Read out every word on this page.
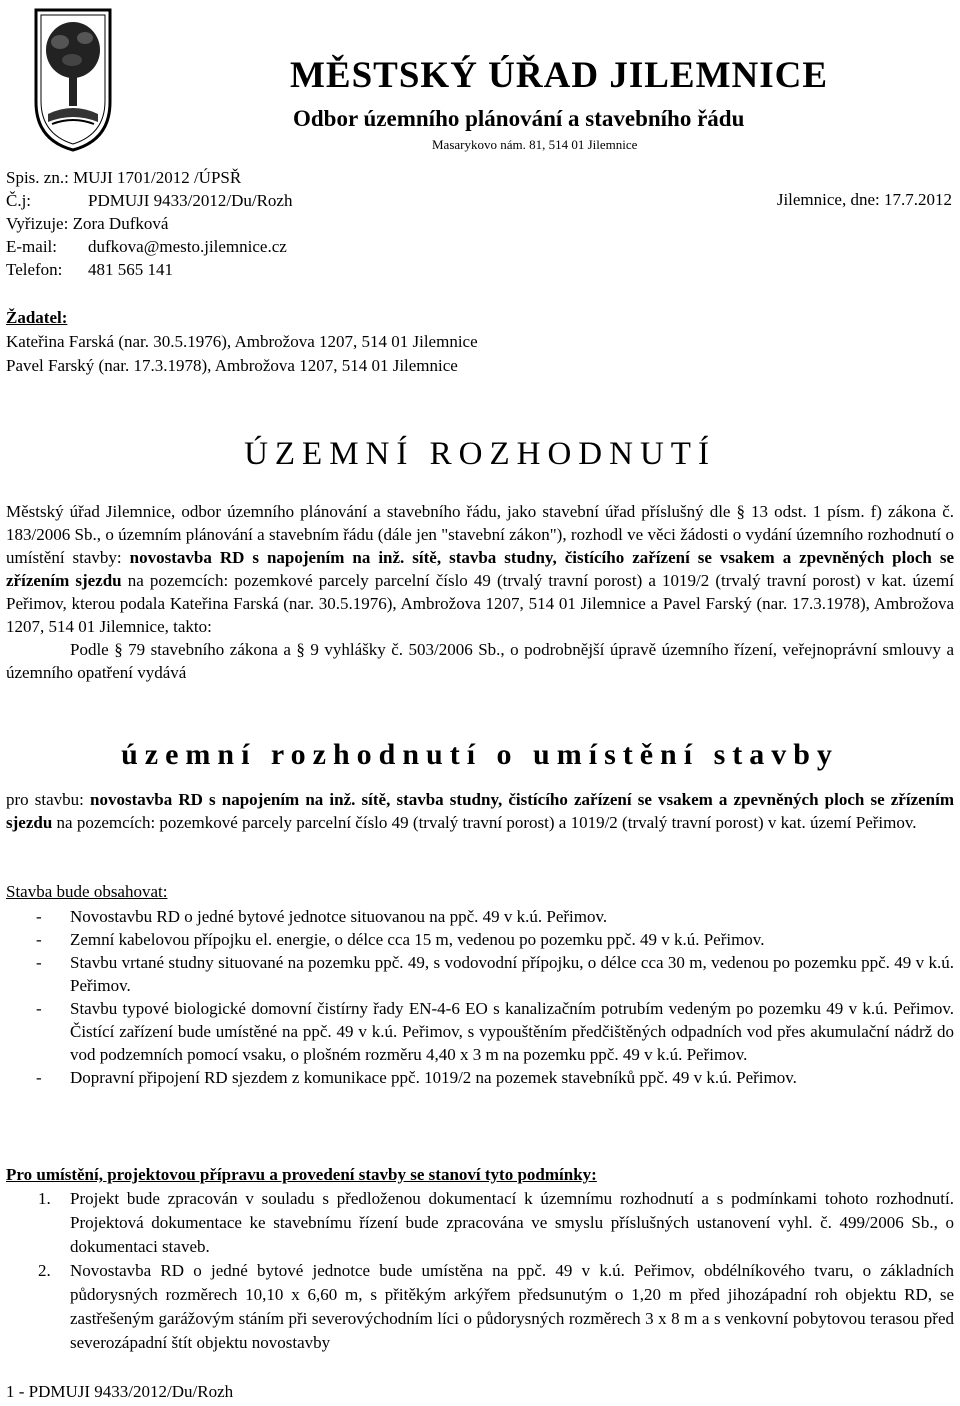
MĚSTSKÝ ÚŘAD JILEMNICE
Odbor územního plánování a stavebního řádu
Masarykovo nám. 81, 514 01 Jilemnice
Spis. zn.: MUJI 1701/2012 /ÚPSŘ
Č.j:	PDMUJI 9433/2012/Du/Rozh	Jilemnice, dne: 17.7.2012
Vyřizuje: Zora Dufková
E-mail: dufkova@mesto.jilemnice.cz
Telefon: 481 565 141
Žadatel:
Kateřina Farská (nar. 30.5.1976), Ambrožova 1207, 514 01 Jilemnice
Pavel Farský (nar. 17.3.1978), Ambrožova 1207, 514 01 Jilemnice
ÚZEMNÍ ROZHODNUTÍ

Městský úřad Jilemnice, odbor územního plánování a stavebního řádu, jako stavební úřad příslušný dle § 13 odst. 1 písm. f) zákona č. 183/2006 Sb., o územním plánování a stavebním řádu (dále jen "stavební zákon"), rozhodl ve věci žádosti o vydání územního rozhodnutí o umístění stavby: novostavba RD s napojením na inž. sítě, stavba studny, čistícího zařízení se vsakem a zpevněných ploch se zřízením sjezdu na pozemcích: pozemkové parcely parcelní číslo 49 (trvalý travní porost) a 1019/2 (trvalý travní porost) v kat. území Peřimov, kterou podala Kateřina Farská (nar. 30.5.1976), Ambrožova 1207, 514 01 Jilemnice a Pavel Farský (nar. 17.3.1978), Ambrožova 1207, 514 01 Jilemnice, takto:

Podle § 79 stavebního zákona a § 9 vyhlášky č. 503/2006 Sb., o podrobnější úpravě územního řízení, veřejnoprávní smlouvy a územního opatření vydává

územní rozhodnutí o umístění stavby

pro stavbu: novostavba RD s napojením na inž. sítě, stavba studny, čistícího zařízení se vsakem a zpevněných ploch se zřízením sjezdu na pozemcích: pozemkové parcely parcelní číslo 49 (trvalý travní porost) a 1019/2 (trvalý travní porost) v kat. území Peřimov.

Stavba bude obsahovat:
- Novostavbu RD o jedné bytové jednotce situovanou na ppč. 49 v k.ú. Peřimov.
- Zemní kabelovou přípojku el. energie, o délce cca 15 m, vedenou po pozemku ppč. 49 v k.ú. Peřimov.
- Stavbu vrtané studny situované na pozemku ppč. 49, s vodovodní přípojku, o délce cca 30 m, vedenou po pozemku ppč. 49 v k.ú. Peřimov.
- Stavbu typové biologické domovní čistírny řady EN-4-6 EO s kanalizačním potrubím vedeným po pozemku 49 v k.ú. Peřimov. Čistící zařízení bude umístěné na ppč. 49 v k.ú. Peřimov, s vypouštěním předčištěných odpadních vod přes akumulační nádrž do vod podzemních pomocí vsaku, o plošném rozměru 4,40 x 3 m na pozemku ppč. 49 v k.ú. Peřimov.
- Dopravní připojení RD sjezdem z komunikace ppč. 1019/2 na pozemek stavebníků ppč. 49 v k.ú. Peřimov.
Pro umístění, projektovou přípravu a provedení stavby se stanoví tyto podmínky:
1. Projekt bude zpracován v souladu s předloženou dokumentací k územnímu rozhodnutí a s podmínkami tohoto rozhodnutí. Projektová dokumentace ke stavebnímu řízení bude zpracována ve smyslu příslušných ustanovení vyhl. č. 499/2006 Sb., o dokumentaci staveb.
2. Novostavba RD o jedné bytové jednotce bude umístěna na ppč. 49 v k.ú. Peřimov, obdélníkového tvaru, o základních půdorysných rozměrech 10,10 x 6,60 m, s přitěkým arkýřem předsunutým o 1,20 m před jihozápadní roh objektu RD, se zastřešeným garážovým stáním při severovýchodním líci o půdorysných rozměrech 3 x 8 m a s venkovní pobytovou terasou před severozápadní štít objektu novostavby
1 - PDMUJI 9433/2012/Du/Rozh
